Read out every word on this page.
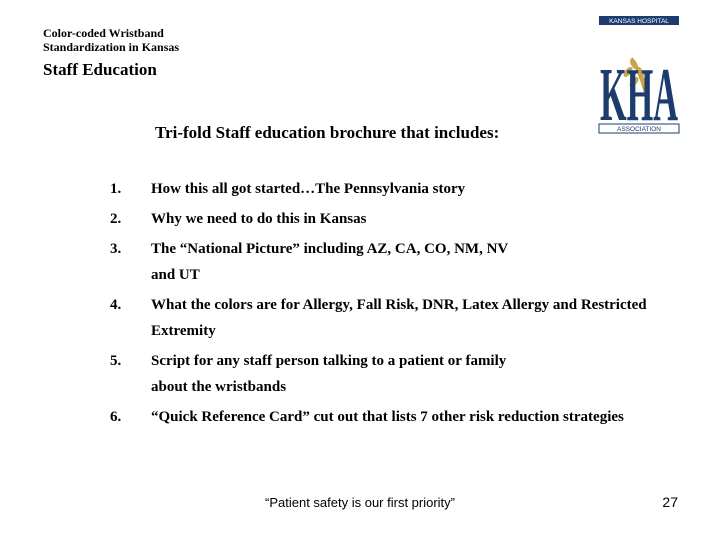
Color-coded Wristband
Standardization in Kansas
Staff Education
KANSAS HOSPITAL
KHA
ASSOCIATION
Tri-fold Staff education brochure that includes:
1.	How this all got started…The Pennsylvania story
2.	Why we need to do this in Kansas
3.	The “National Picture” including AZ, CA, CO, NM, NV and UT
4.	What the colors are for Allergy, Fall Risk, DNR, Latex Allergy and Restricted Extremity
5.	Script for any staff person talking to a patient or family about the wristbands
6.	“Quick Reference Card” cut out that lists 7 other risk reduction strategies
“Patient safety is our first priority”	27
